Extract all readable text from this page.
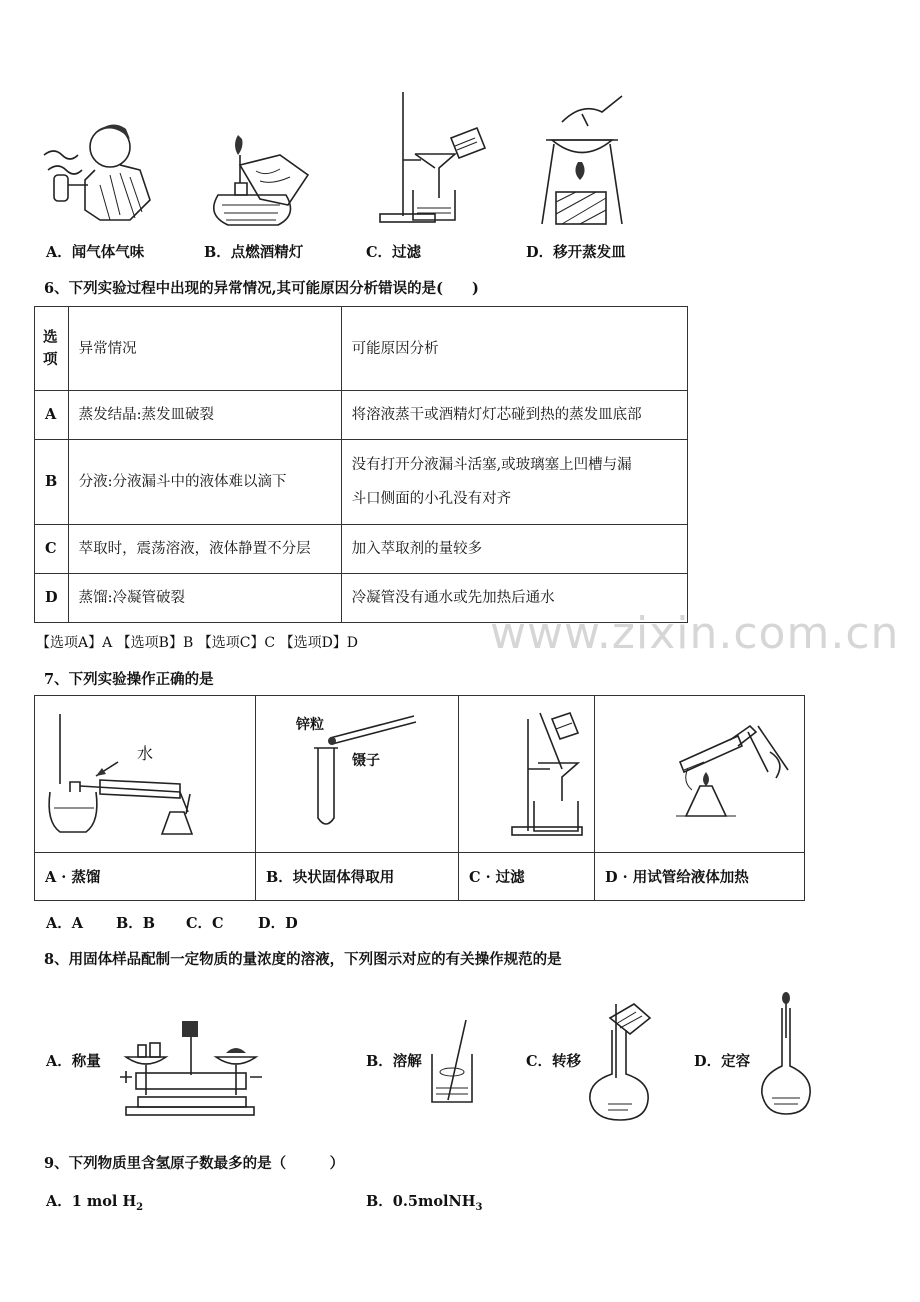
A．闻气体气味	B．点燃酒精灯	C．过滤	D．移开蒸发皿
6、下列实验过程中出现的异常情况,其可能原因分析错误的是(　　)
选项	异常情况	可能原因分析
A	蒸发结晶:蒸发皿破裂	将溶液蒸干或酒精灯灯芯碰到热的蒸发皿底部
B	分液:分液漏斗中的液体难以滴下	没有打开分液漏斗活塞,或玻璃塞上凹槽与漏
斗口侧面的小孔没有对齐

C	萃取时，震荡溶液，液体静置不分层	加入萃取剂的量较多
D	蒸馏:冷凝管破裂	冷凝管没有通水或先加热后通水
【选项A】A 【选项B】B 【选项C】C 【选项D】D	www.zixin.com.cn
7、下列实验操作正确的是

A · 蒸馏	B．块状固体得取用	C · 过滤	D · 用试管给液体加热
水
锌粒
镊子
A．A B．B C．C D．D
8、用固体样品配制一定物质的量浓度的溶液，下列图示对应的有关操作规范的是
A．称量	B．溶解	C．转移	D．定容
9、下列物质里含氢原子数最多的是（　　　）
A．1 mol $H_2$	B．0.5molNH$_3$
